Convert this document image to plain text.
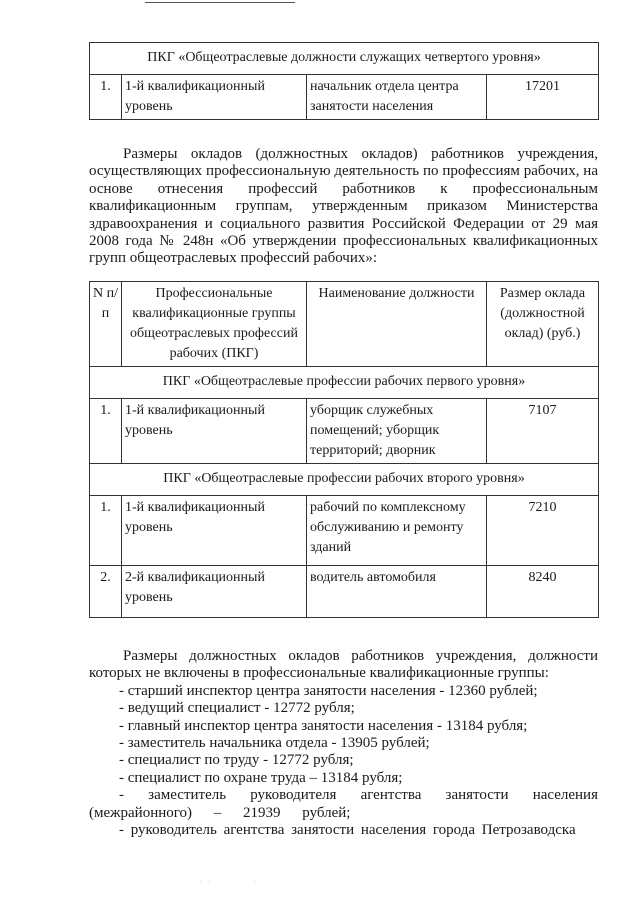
ПКГ «Общеотраслевые должности служащих четвертого уровня»
1.	1-й квалификационный уровень	начальник отдела центра занятости населения	17201

Размеры окладов (должностных окладов) работников учреждения, осуществляющих профессиональную деятельность по профессиям рабочих, на основе отнесения профессий работников к профессиональным квалификационным группам, утвержденным приказом Министерства здравоохранения и социального развития Российской Федерации от 29 мая 2008 года № 248н «Об утверждении профессиональных квалификационных групп общеотраслевых профессий рабочих»:

N п/п	Профессиональные квалификационные группы общеотраслевых профессий рабочих (ПКГ)	Наименование должности	Размер оклада (должностной оклад) (руб.)
ПКГ «Общеотраслевые профессии рабочих первого уровня»			
1.	1-й квалификационный уровень	уборщик служебных помещений; уборщик территорий; дворник	7107
ПКГ «Общеотраслевые профессии рабочих второго уровня»			
1.	1-й квалификационный уровень	рабочий по комплексному обслуживанию и ремонту зданий	7210
2.	2-й квалификационный уровень	водитель автомобиля	8240

Размеры должностных окладов работников учреждения, должности которых не включены в профессиональные квалификационные группы:

- старший инспектор центра занятости населения - 12360 рублей;
- ведущий специалист - 12772 рубля;
- главный инспектор центра занятости населения - 13184 рубля;
- заместитель начальника отдела - 13905 рублей;
- специалист по труду - 12772 рубля;
- специалист по охране труда – 13184 рубля;
- заместитель руководителя агентства занятости населения (межрайонного) – 21939 рублей;
- руководитель агентства занятости населения города Петрозаводска
· ·           ·
